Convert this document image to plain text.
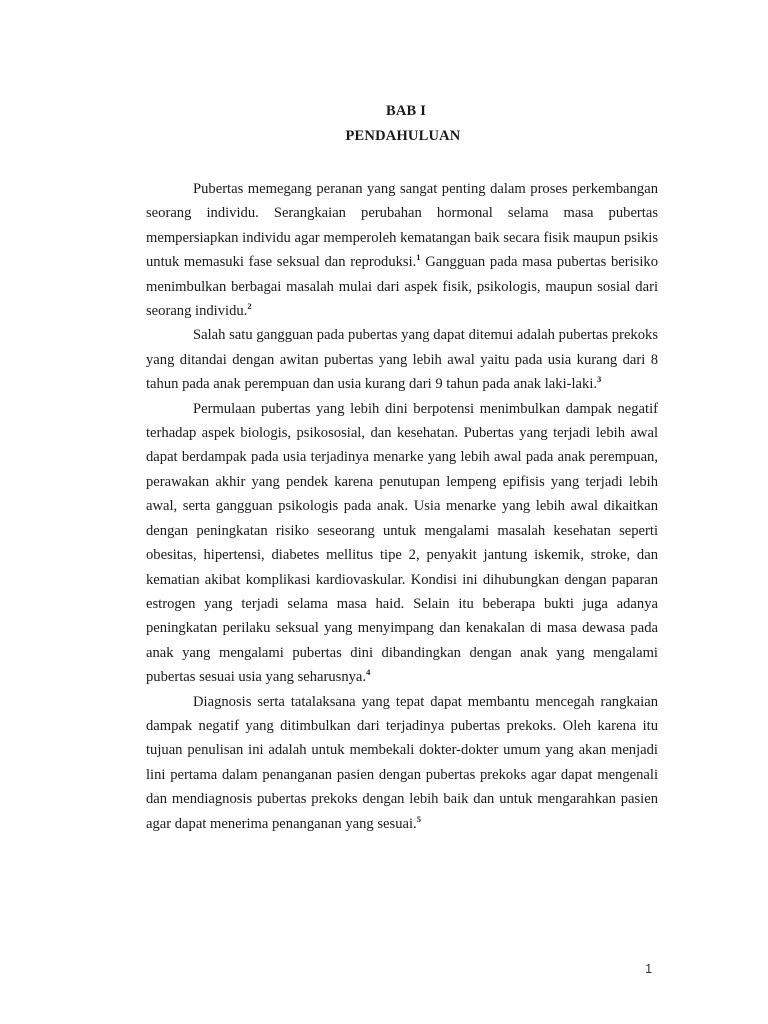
BAB I
PENDAHULUAN

Pubertas memegang peranan yang sangat penting dalam proses perkembangan seorang individu. Serangkaian perubahan hormonal selama masa pubertas mempersiapkan individu agar memperoleh kematangan baik secara fisik maupun psikis untuk memasuki fase seksual dan reproduksi.$^1$ Gangguan pada masa pubertas berisiko menimbulkan berbagai masalah mulai dari aspek fisik, psikologis, maupun sosial dari seorang individu.$^2$

Salah satu gangguan pada pubertas yang dapat ditemui adalah pubertas prekoks yang ditandai dengan awitan pubertas yang lebih awal yaitu pada usia kurang dari 8 tahun pada anak perempuan dan usia kurang dari 9 tahun pada anak laki-laki.$^3$

Permulaan pubertas yang lebih dini berpotensi menimbulkan dampak negatif terhadap aspek biologis, psikososial, dan kesehatan. Pubertas yang terjadi lebih awal dapat berdampak pada usia terjadinya menarke yang lebih awal pada anak perempuan, perawakan akhir yang pendek karena penutupan lempeng epifisis yang terjadi lebih awal, serta gangguan psikologis pada anak. Usia menarke yang lebih awal dikaitkan dengan peningkatan risiko seseorang untuk mengalami masalah kesehatan seperti obesitas, hipertensi, diabetes mellitus tipe 2, penyakit jantung iskemik, stroke, dan kematian akibat komplikasi kardiovaskular. Kondisi ini dihubungkan dengan paparan estrogen yang terjadi selama masa haid. Selain itu beberapa bukti juga adanya peningkatan perilaku seksual yang menyimpang dan kenakalan di masa dewasa pada anak yang mengalami pubertas dini dibandingkan dengan anak yang mengalami pubertas sesuai usia yang seharusnya.$^4$

Diagnosis serta tatalaksana yang tepat dapat membantu mencegah rangkaian dampak negatif yang ditimbulkan dari terjadinya pubertas prekoks. Oleh karena itu tujuan penulisan ini adalah untuk membekali dokter-dokter umum yang akan menjadi lini pertama dalam penanganan pasien dengan pubertas prekoks agar dapat mengenali dan mendiagnosis pubertas prekoks dengan lebih baik dan untuk mengarahkan pasien agar dapat menerima penanganan yang sesuai.$^5$

1
